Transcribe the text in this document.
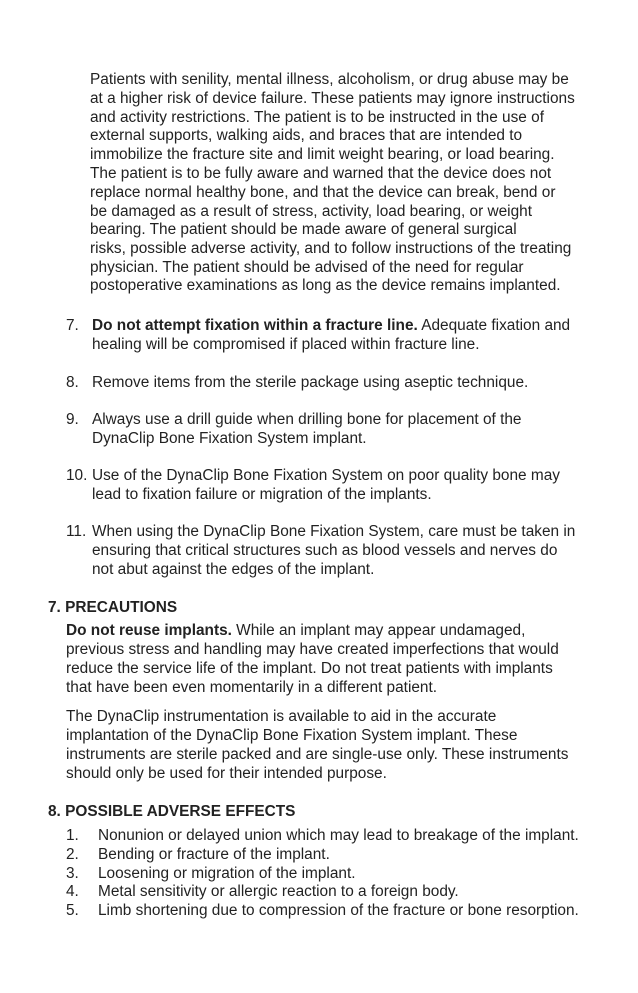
Patients with senility, mental illness, alcoholism, or drug abuse may be
at a higher risk of device failure. These patients may ignore instructions
and activity restrictions. The patient is to be instructed in the use of
external supports, walking aids, and braces that are intended to
immobilize the fracture site and limit weight bearing, or load bearing.
The patient is to be fully aware and warned that the device does not
replace normal healthy bone, and that the device can break, bend or
be damaged as a result of stress, activity, load bearing, or weight
bearing. The patient should be made aware of general surgical
risks, possible adverse activity, and to follow instructions of the treating
physician. The patient should be advised of the need for regular
postoperative examinations as long as the device remains implanted.
7. Do not attempt fixation within a fracture line. Adequate fixation and
healing will be compromised if placed within fracture line.
8. Remove items from the sterile package using aseptic technique.
9. Always use a drill guide when drilling bone for placement of the
DynaClip Bone Fixation System implant.
10. Use of the DynaClip Bone Fixation System on poor quality bone may
lead to fixation failure or migration of the implants.
11. When using the DynaClip Bone Fixation System, care must be taken in
ensuring that critical structures such as blood vessels and nerves do
not abut against the edges of the implant.
7. PRECAUTIONS
Do not reuse implants. While an implant may appear undamaged,
previous stress and handling may have created imperfections that would
reduce the service life of the implant. Do not treat patients with implants
that have been even momentarily in a different patient.
The DynaClip instrumentation is available to aid in the accurate
implantation of the DynaClip Bone Fixation System implant. These
instruments are sterile packed and are single-use only. These instruments
should only be used for their intended purpose.
8. POSSIBLE ADVERSE EFFECTS
1. Nonunion or delayed union which may lead to breakage of the implant.
2. Bending or fracture of the implant.
3. Loosening or migration of the implant.
4. Metal sensitivity or allergic reaction to a foreign body.
5. Limb shortening due to compression of the fracture or bone resorption.
